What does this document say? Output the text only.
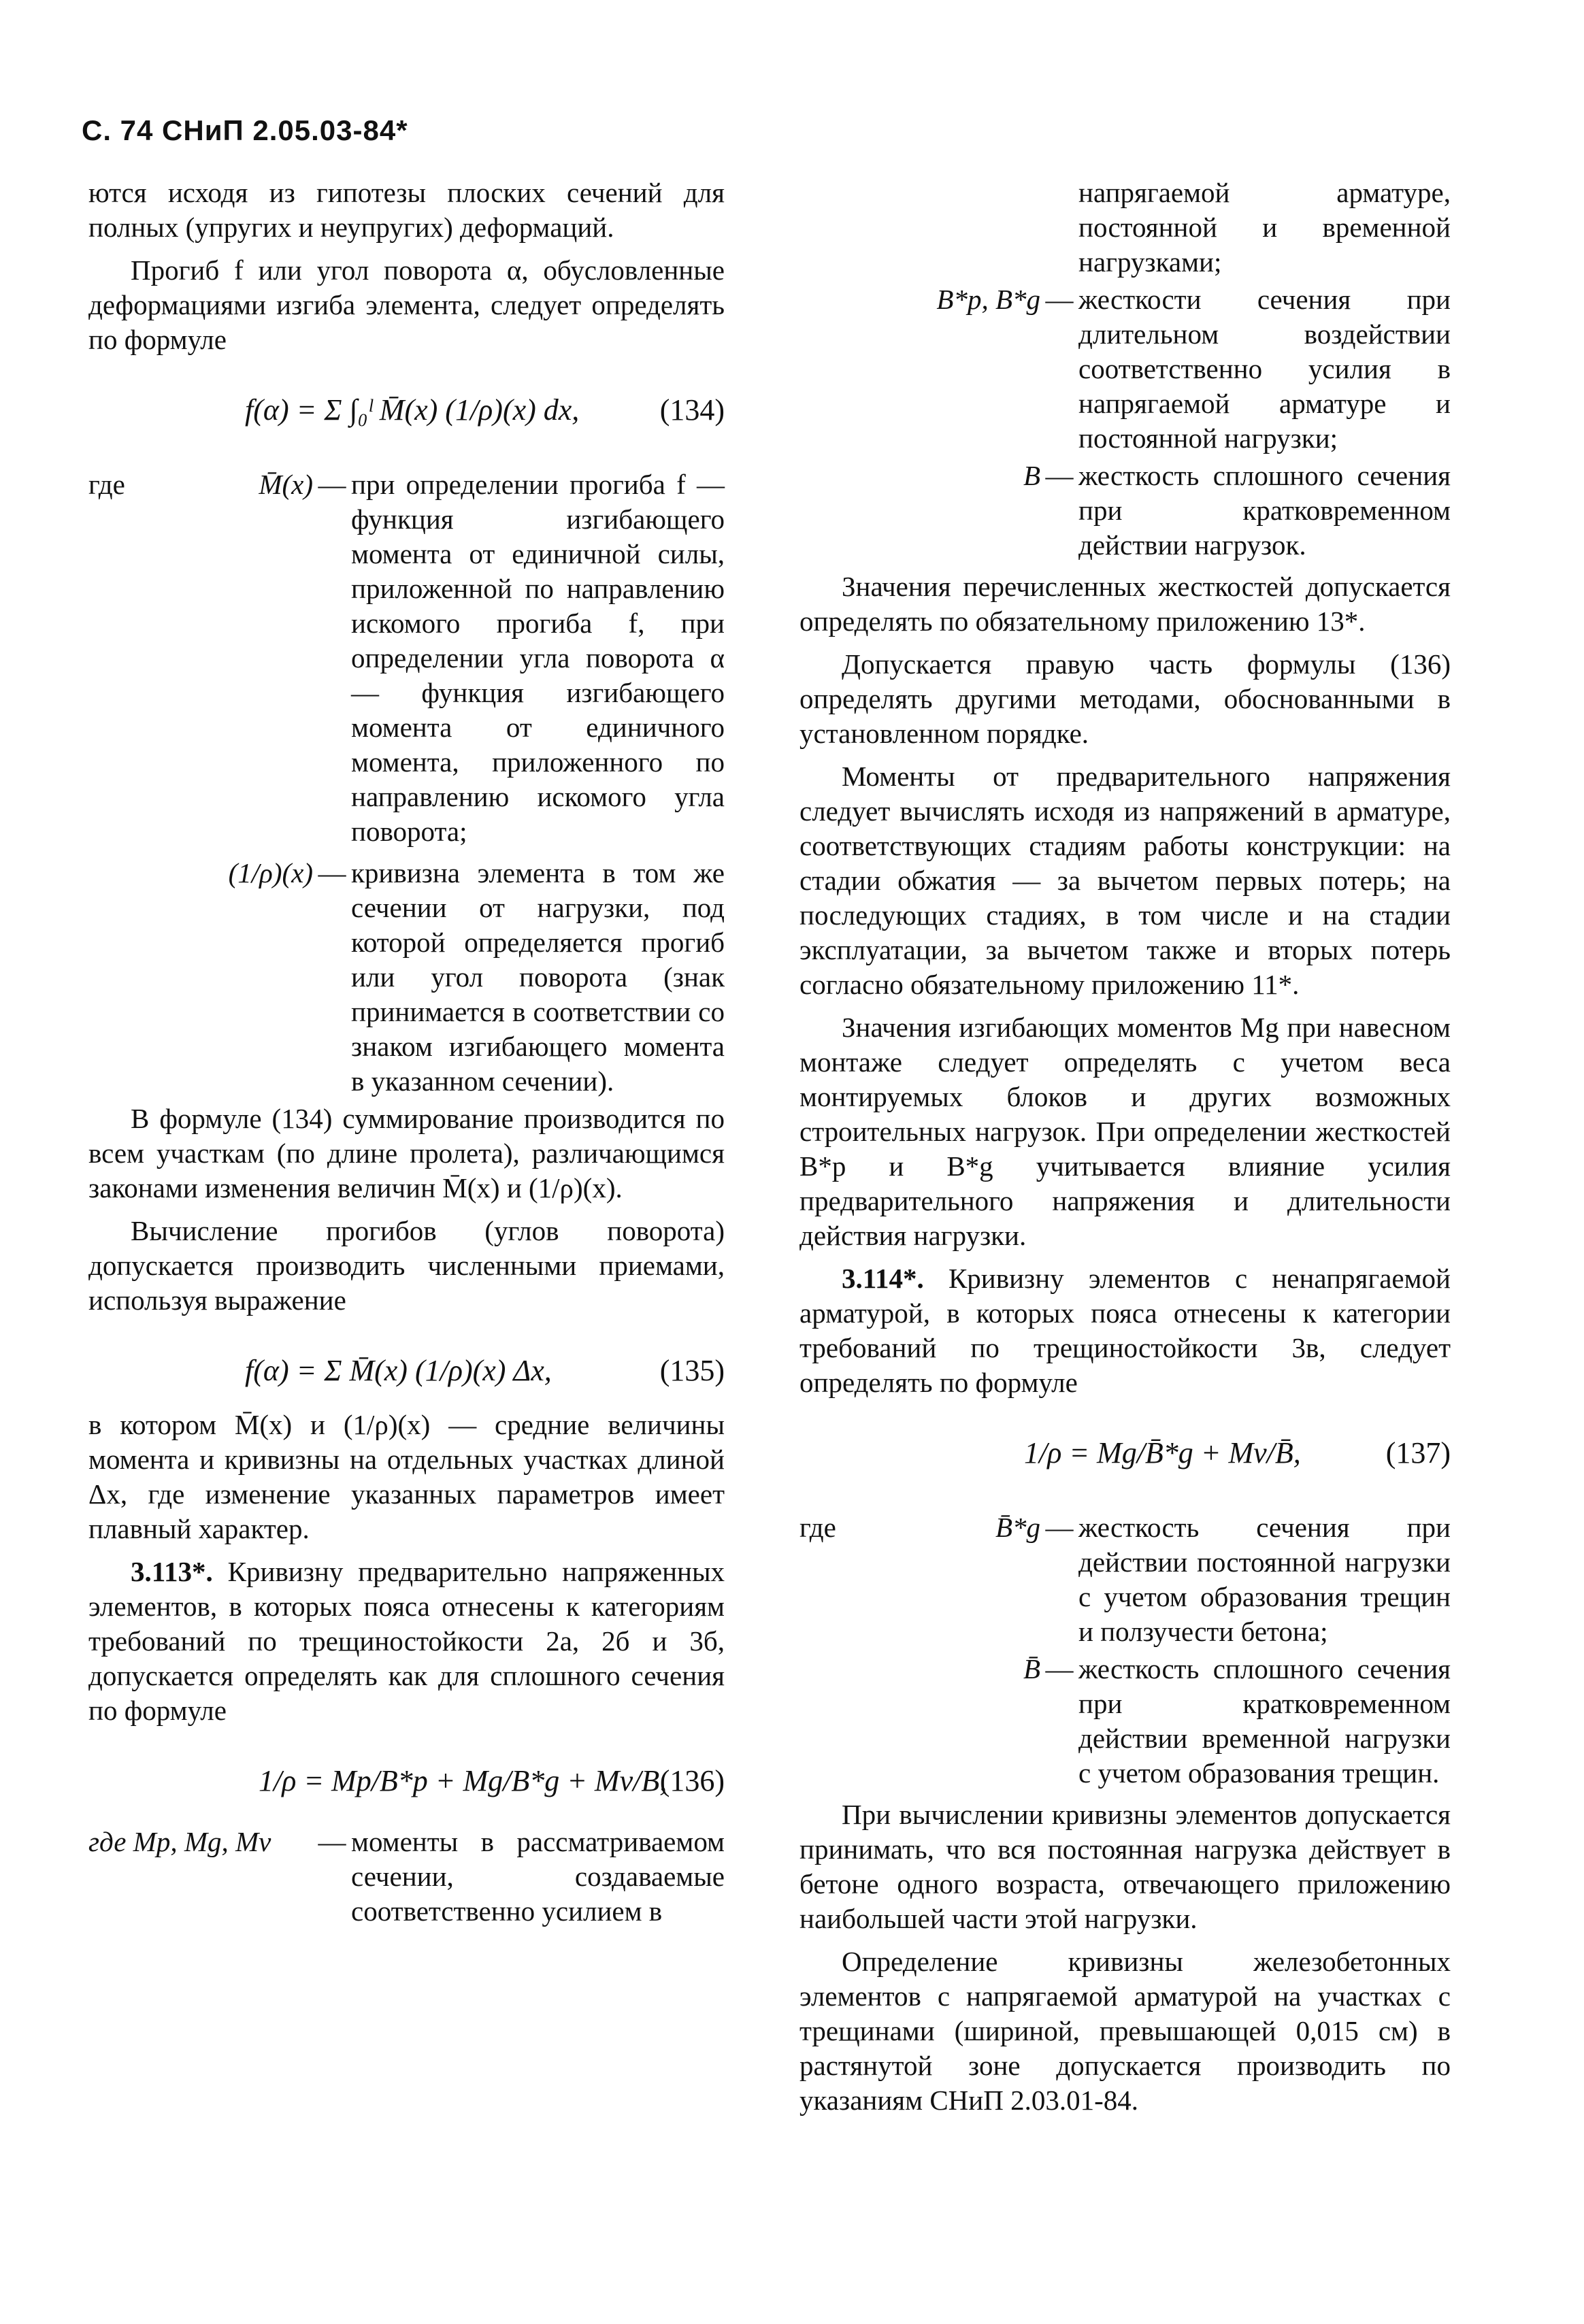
С. 74 СНиП 2.05.03-84*

ются исходя из гипотезы плоских сечений для полных (упругих и неупругих) деформаций.

Прогиб f или угол поворота α, обусловленные деформациями изгиба элемента, следует определять по формуле

f(α) = Σ ∫₀ˡ M̄(x) (1/ρ)(x) dx,	(134)
где	M̄(x) — при определении прогиба f — функция изгибающего момента от единичной силы, приложенной по направлению искомого прогиба f, при определении угла поворота α — функция изгибающего момента от единичного момента, приложенного по направлению искомого угла поворота;
(1/ρ)(x) — кривизна элемента в том же сечении от нагрузки, под которой определяется прогиб или угол поворота (знак принимается в соответствии со знаком изгибающего момента в указанном сечении).

В формуле (134) суммирование производится по всем участкам (по длине пролета), различающимся законами изменения величин M̄(x) и (1/ρ)(x).

Вычисление прогибов (углов поворота) допускается производить численными приемами, используя выражение

f(α) = Σ M̄(x) (1/ρ)(x) Δx,	(135)

в котором M̄(x) и (1/ρ)(x) — средние величины момента и кривизны на отдельных участках длиной Δx, где изменение указанных параметров имеет плавный характер.

3.113*. Кривизну предварительно напряженных элементов, в которых пояса отнесены к категориям требований по трещиностойкости 2а, 2б и 3б, допускается определять как для сплошного сечения по формуле

1/ρ = Mp/B*p + Mg/B*g + Mv/B,
(136)
где Mp, Mg, Mv	— моменты в рассматриваемом сечении, создаваемые соответственно усилием в
напрягаемой арматуре, постоянной и временной нагрузками;
B*p, B*g — жесткости сечения при длительном воздействии соответственно усилия в напрягаемой арматуре и постоянной нагрузки;
B — жесткость сплошного сечения при кратковременном действии нагрузок.

Значения перечисленных жесткостей допускается определять по обязательному приложению 13*.

Допускается правую часть формулы (136) определять другими методами, обоснованными в установленном порядке.

Моменты от предварительного напряжения следует вычислять исходя из напряжений в арматуре, соответствующих стадиям работы конструкции: на стадии обжатия — за вычетом первых потерь; на последующих стадиях, в том числе и на стадии эксплуатации, за вычетом также и вторых потерь согласно обязательному приложению 11*.

Значения изгибающих моментов Mg при навесном монтаже следует определять с учетом веса монтируемых блоков и других возможных строительных нагрузок. При определении жесткостей B*p и B*g учитывается влияние усилия предварительного напряжения и длительности действия нагрузки.

3.114*. Кривизну элементов с ненапрягаемой арматурой, в которых пояса отнесены к категории требований по трещиностойкости 3в, следует определять по формуле

1/ρ = Mg/B̄*g + Mv/B̄,	(137)
где	B̄*g — жесткость сечения при действии постоянной нагрузки с учетом образования трещин и ползучести бетона;
B̄ — жесткость сплошного сечения при кратковременном действии временной нагрузки с учетом образования трещин.

При вычислении кривизны элементов допускается принимать, что вся постоянная нагрузка действует в бетоне одного возраста, отвечающего приложению наибольшей части этой нагрузки.

Определение кривизны железобетонных элементов с напрягаемой арматурой на участках с трещинами (шириной, превышающей 0,015 см) в растянутой зоне допускается производить по указаниям СНиП 2.03.01-84.
